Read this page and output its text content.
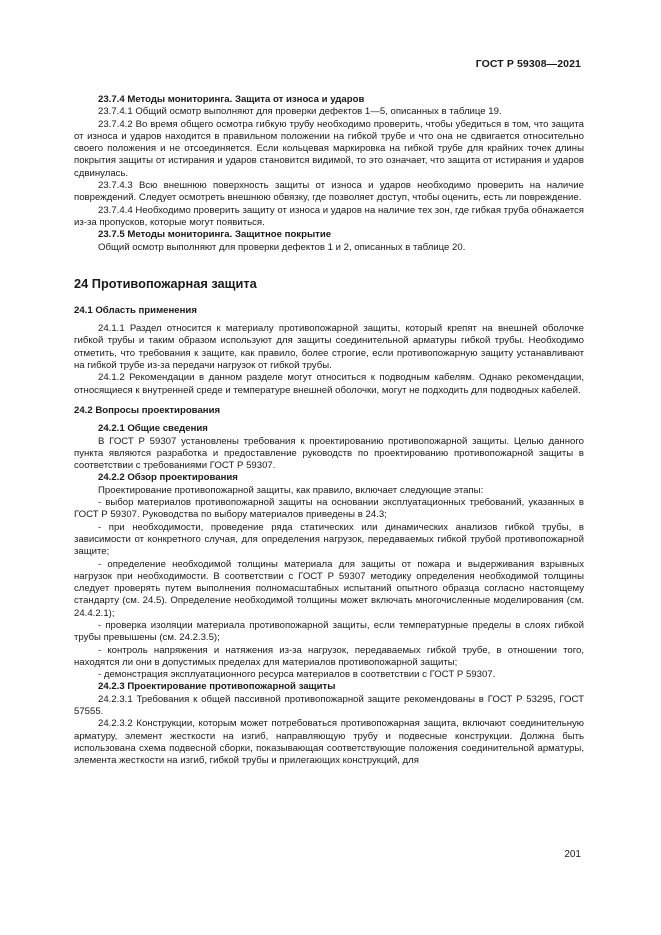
ГОСТ Р 59308—2021

23.7.4 Методы мониторинга. Защита от износа и ударов

23.7.4.1 Общий осмотр выполняют для проверки дефектов 1—5, описанных в таблице 19.

23.7.4.2 Во время общего осмотра гибкую трубу необходимо проверить, чтобы убедиться в том, что защита от износа и ударов находится в правильном положении на гибкой трубе и что она не сдвигается относительно своего положения и не отсоединяется. Если кольцевая маркировка на гибкой трубе для крайних точек длины покрытия защиты от истирания и ударов становится видимой, то это означает, что защита от истирания и ударов сдвинулась.

23.7.4.3 Всю внешнюю поверхность защиты от износа и ударов необходимо проверить на наличие повреждений. Следует осмотреть внешнюю обвязку, где позволяет доступ, чтобы оценить, есть ли повреждение.

23.7.4.4 Необходимо проверить защиту от износа и ударов на наличие тех зон, где гибкая труба обнажается из-за пропусков, которые могут появиться.

23.7.5 Методы мониторинга. Защитное покрытие

Общий осмотр выполняют для проверки дефектов 1 и 2, описанных в таблице 20.

24 Противопожарная защита

24.1 Область применения

24.1.1 Раздел относится к материалу противопожарной защиты, который крепят на внешней оболочке гибкой трубы и таким образом используют для защиты соединительной арматуры гибкой трубы. Необходимо отметить, что требования к защите, как правило, более строгие, если противопожарную защиту устанавливают на гибкой трубе из-за передачи нагрузок от гибкой трубы.

24.1.2 Рекомендации в данном разделе могут относиться к подводным кабелям. Однако рекомендации, относящиеся к внутренней среде и температуре внешней оболочки, могут не подходить для подводных кабелей.

24.2 Вопросы проектирования

24.2.1 Общие сведения

В ГОСТ Р 59307 установлены требования к проектированию противопожарной защиты. Целью данного пункта являются разработка и предоставление руководств по проектированию противопожарной защиты в соответствии с требованиями ГОСТ Р 59307.

24.2.2 Обзор проектирования

Проектирование противопожарной защиты, как правило, включает следующие этапы:

- выбор материалов противопожарной защиты на основании эксплуатационных требований, указанных в ГОСТ Р 59307. Руководства по выбору материалов приведены в 24.3;

- при необходимости, проведение ряда статических или динамических анализов гибкой трубы, в зависимости от конкретного случая, для определения нагрузок, передаваемых гибкой трубой противопожарной защите;

- определение необходимой толщины материала для защиты от пожара и выдерживания взрывных нагрузок при необходимости. В соответствии с ГОСТ Р 59307 методику определения необходимой толщины следует проверять путем выполнения полномасштабных испытаний опытного образца согласно настоящему стандарту (см. 24.5). Определение необходимой толщины может включать многочисленные моделирования (см. 24.4.2.1);

- проверка изоляции материала противопожарной защиты, если температурные пределы в слоях гибкой трубы превышены (см. 24.2.3.5);

- контроль напряжения и натяжения из-за нагрузок, передаваемых гибкой трубе, в отношении того, находятся ли они в допустимых пределах для материалов противопожарной защиты;

- демонстрация эксплуатационного ресурса материалов в соответствии с ГОСТ Р 59307.

24.2.3 Проектирование противопожарной защиты

24.2.3.1 Требования к общей пассивной противопожарной защите рекомендованы в ГОСТ Р 53295, ГОСТ 57555.

24.2.3.2 Конструкции, которым может потребоваться противопожарная защита, включают соединительную арматуру, элемент жесткости на изгиб, направляющую трубу и подвесные конструкции. Должна быть использована схема подвесной сборки, показывающая соответствующие положения соединительной арматуры, элемента жесткости на изгиб, гибкой трубы и прилегающих конструкций, для

201
